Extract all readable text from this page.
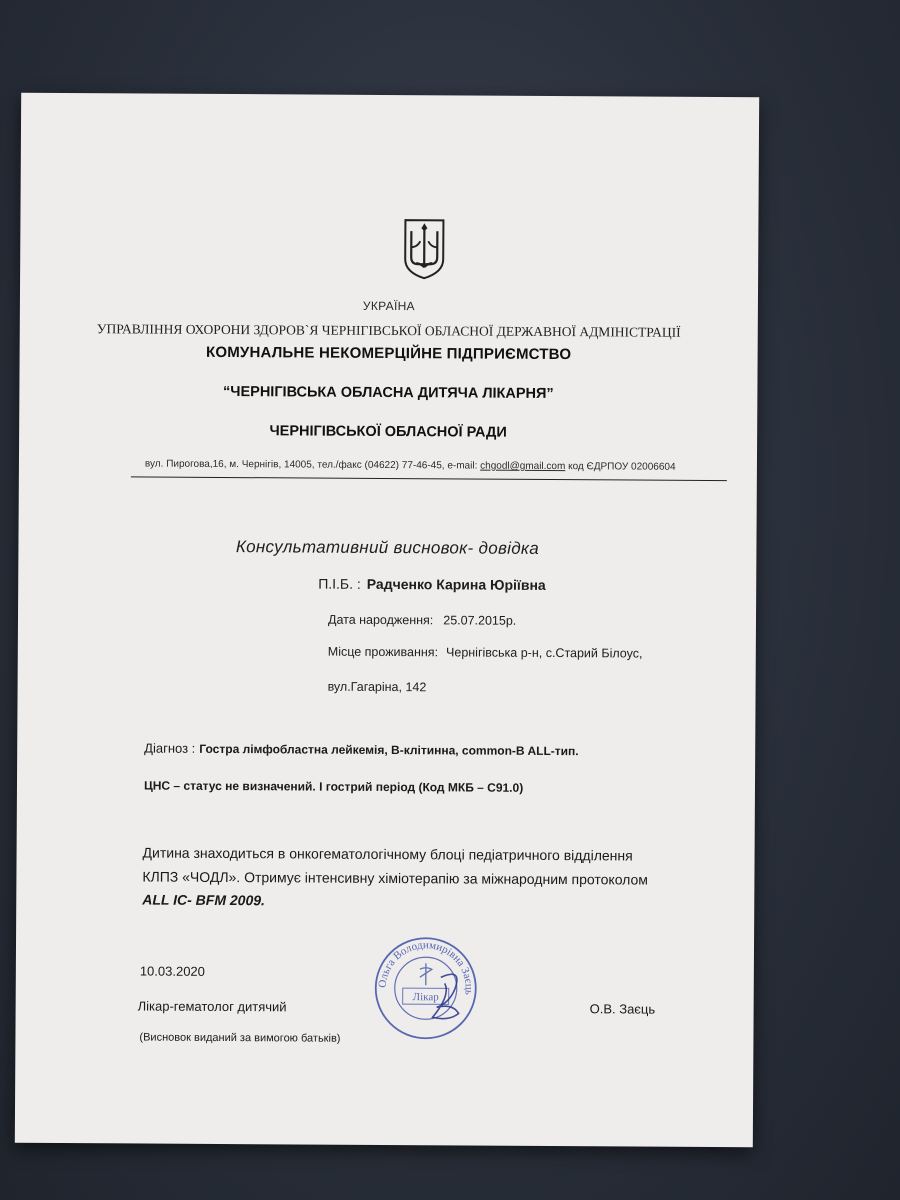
УКРАЇНА
УПРАВЛІННЯ ОХОРОНИ ЗДОРОВ`Я ЧЕРНІГІВСЬКОЇ ОБЛАСНОЇ ДЕРЖАВНОЇ АДМІНІСТРАЦІЇ
КОМУНАЛЬНЕ НЕКОМЕРЦІЙНЕ ПІДПРИЄМСТВО
“ЧЕРНІГІВСЬКА ОБЛАСНА ДИТЯЧА ЛІКАРНЯ”
ЧЕРНІГІВСЬКОЇ ОБЛАСНОЇ РАДИ
вул. Пирогова,16, м. Чернігів, 14005, тел./факс (04622) 77-46-45, e-mail: chgodl@gmail.com код ЄДРПОУ 02006604
Консультативний висновок- довідка
П.І.Б. : Радченко Карина Юріївна
Дата народження: 25.07.2015р.
Місце проживання: Чернігівська р-н, с.Старий Білоус,
вул.Гагаріна, 142
Діагноз : Гостра лімфобластна лейкемія, В-клітинна, common-B ALL-тип.
ЦНС – статус не визначений. І гострий період (Код МКБ – С91.0)
Дитина знаходиться в онкогематологічному блоці педіатричного відділення
КЛПЗ «ЧОДЛ». Отримує інтенсивну хіміотерапію за міжнародним протоколом
ALL IC- BFM 2009.
10.03.2020
Лікар-гематолог дитячий	О.В. Заєць
(Висновок виданий за вимогою батьків)
Ольга Володимирівна Заєць
Лікар
